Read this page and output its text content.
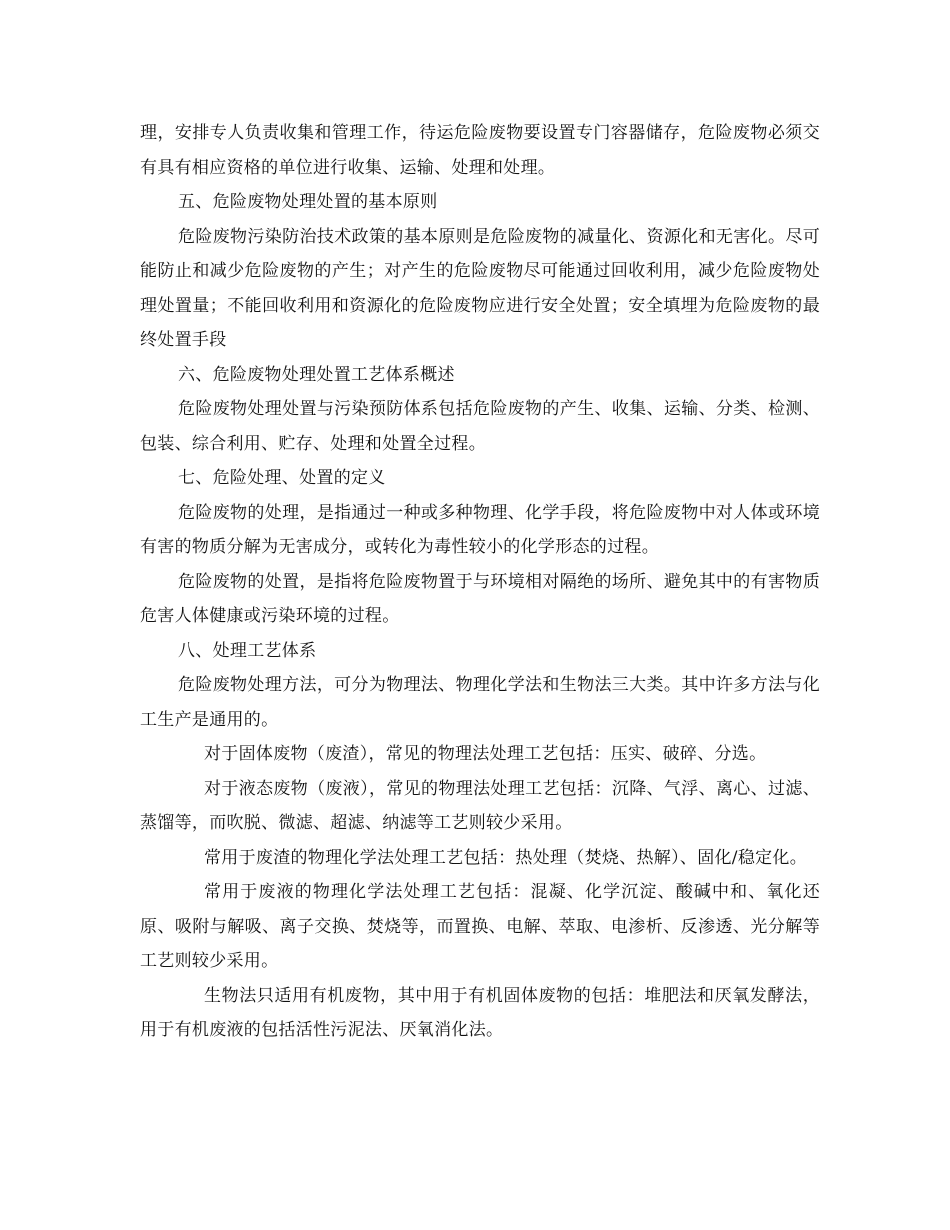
理，安排专人负责收集和管理工作，待运危险废物要设置专门容器储存，危险废物必须交有具有相应资格的单位进行收集、运输、处理和处理。

五、危险废物处理处置的基本原则

危险废物污染防治技术政策的基本原则是危险废物的减量化、资源化和无害化。尽可能防止和减少危险废物的产生；对产生的危险废物尽可能通过回收利用，减少危险废物处理处置量；不能回收利用和资源化的危险废物应进行安全处置；安全填埋为危险废物的最终处置手段

六、危险废物处理处置工艺体系概述

危险废物处理处置与污染预防体系包括危险废物的产生、收集、运输、分类、检测、包装、综合利用、贮存、处理和处置全过程。

七、危险处理、处置的定义

危险废物的处理，是指通过一种或多种物理、化学手段，将危险废物中对人体或环境有害的物质分解为无害成分，或转化为毒性较小的化学形态的过程。

危险废物的处置，是指将危险废物置于与环境相对隔绝的场所、避免其中的有害物质危害人体健康或污染环境的过程。

八、处理工艺体系

危险废物处理方法，可分为物理法、物理化学法和生物法三大类。其中许多方法与化工生产是通用的。

对于固体废物（废渣），常见的物理法处理工艺包括：压实、破碎、分选。

对于液态废物（废液），常见的物理法处理工艺包括：沉降、气浮、离心、过滤、蒸馏等，而吹脱、微滤、超滤、纳滤等工艺则较少采用。

常用于废渣的物理化学法处理工艺包括：热处理（焚烧、热解）、固化/稳定化。

常用于废液的物理化学法处理工艺包括：混凝、化学沉淀、酸碱中和、氧化还原、吸附与解吸、离子交换、焚烧等，而置换、电解、萃取、电渗析、反渗透、光分解等工艺则较少采用。

生物法只适用有机废物，其中用于有机固体废物的包括：堆肥法和厌氧发酵法，用于有机废液的包括活性污泥法、厌氧消化法。
